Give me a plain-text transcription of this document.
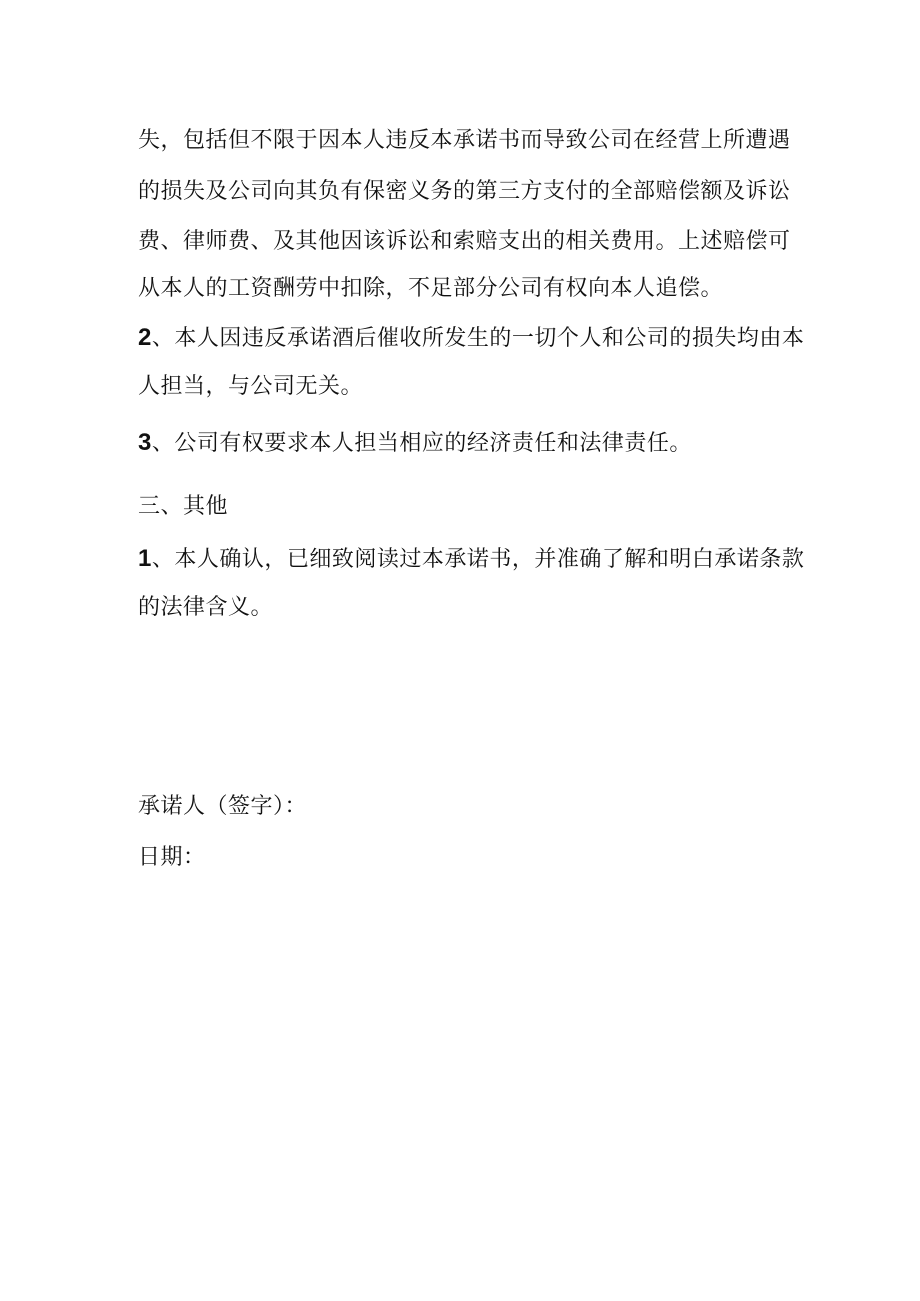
失，包括但不限于因本人违反本承诺书而导致公司在经营上所遭遇
的损失及公司向其负有保密义务的第三方支付的全部赔偿额及诉讼
费、律师费、及其他因该诉讼和索赔支出的相关费用。上述赔偿可
从本人的工资酬劳中扣除，不足部分公司有权向本人追偿。
2、本人因违反承诺酒后催收所发生的一切个人和公司的损失均由本
人担当，与公司无关。
3、公司有权要求本人担当相应的经济责任和法律责任。
三、其他
1、本人确认，已细致阅读过本承诺书，并准确了解和明白承诺条款
的法律含义。
承诺人（签字）：
日期：
